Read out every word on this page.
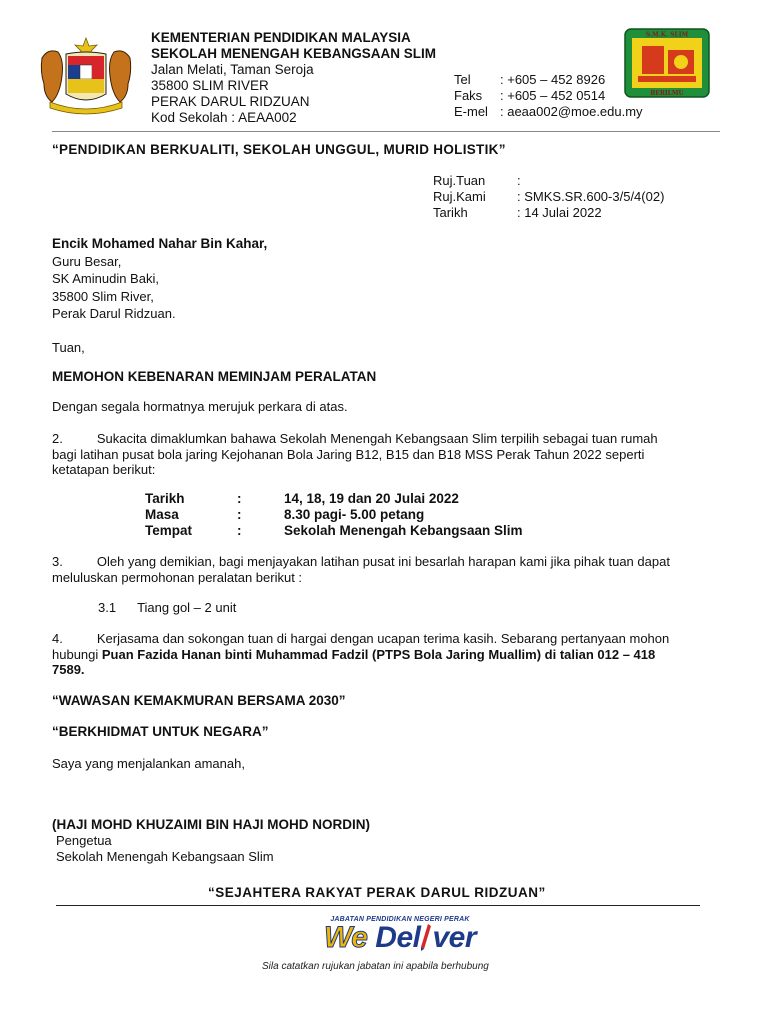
KEMENTERIAN PENDIDIKAN MALAYSIA
SEKOLAH MENENGAH KEBANGSAAN SLIM
Jalan Melati, Taman Seroja
35800 SLIM RIVER
PERAK DARUL RIDZUAN
Kod Sekolah : AEAA002
Tel : +605 – 452 8926
Faks : +605 – 452 0514
E-mel : aeaa002@moe.edu.my
S.M.K. SLIM
BERILMU
“PENDIDIKAN BERKUALITI, SEKOLAH UNGGUL, MURID HOLISTIK”
Ruj.Tuan :
Ruj.Kami : SMKS.SR.600-3/5/4(02)
Tarikh	: 14 Julai 2022
Encik Mohamed Nahar Bin Kahar,
Guru Besar,
SK Aminudin Baki,
35800 Slim River,
Perak Darul Ridzuan.
Tuan,
MEMOHON KEBENARAN MEMINJAM PERALATAN
Dengan segala hormatnya merujuk perkara di atas.
2.	Sukacita dimaklumkan bahawa Sekolah Menengah Kebangsaan Slim terpilih sebagai tuan rumah
bagi latihan pusat bola jaring Kejohanan Bola Jaring B12, B15 dan B18 MSS Perak Tahun 2022 seperti
ketatapan berikut:
Tarikh	:	14, 18, 19 dan 20 Julai 2022
Masa	:	8.30 pagi- 5.00 petang
Tempat	:	Sekolah Menengah Kebangsaan Slim
3.	Oleh yang demikian, bagi menjayakan latihan pusat ini besarlah harapan kami jika pihak tuan dapat
meluluskan permohonan peralatan berikut :
3.1 Tiang gol – 2 unit
4.	Kerjasama dan sokongan tuan di hargai dengan ucapan terima kasih. Sebarang pertanyaan mohon
hubungi Puan Fazida Hanan binti Muhammad Fadzil (PTPS Bola Jaring Muallim) di talian 012 – 418
7589.
“WAWASAN KEMAKMURAN BERSAMA 2030”
“BERKHIDMAT UNTUK NEGARA”
Saya yang menjalankan amanah,
(HAJI MOHD KHUZAIMI BIN HAJI MOHD NORDIN)
Pengetua
Sekolah Menengah Kebangsaan Slim
“SEJAHTERA RAKYAT PERAK DARUL RIDZUAN”
JABATAN PENDIDIKAN NEGERI PERAK
We Del ver
Sila catatkan rujukan jabatan ini apabila berhubung
